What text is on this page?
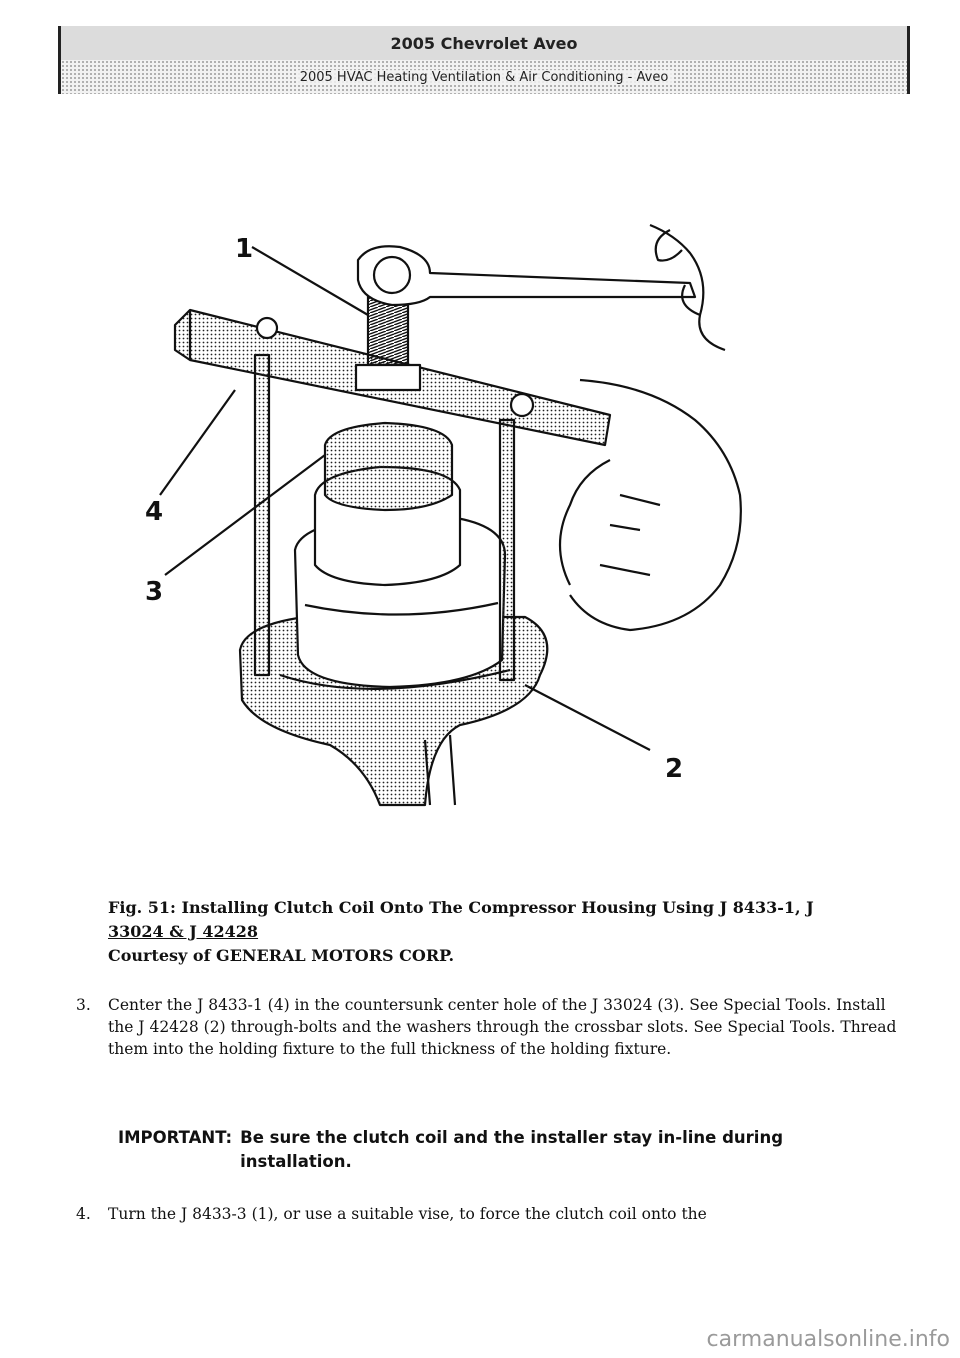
2005 Chevrolet Aveo
2005 HVAC Heating Ventilation & Air Conditioning - Aveo
1
2
3
4
Fig. 51: Installing Clutch Coil Onto The Compressor Housing Using J 8433-1, J
33024 & J 42428
Courtesy of GENERAL MOTORS CORP.
3.	Center the J 8433-1 (4) in the countersunk center hole of the J 33024 (3). See Special Tools. Install the J 42428 (2) through-bolts and the washers through the crossbar slots. See Special Tools. Thread them into the holding fixture to the full thickness of the holding fixture.
IMPORTANT: Be sure the clutch coil and the installer stay in-line during installation.
4.	Turn the J 8433-3 (1), or use a suitable vise, to force the clutch coil onto the
carmanualsonline.info
